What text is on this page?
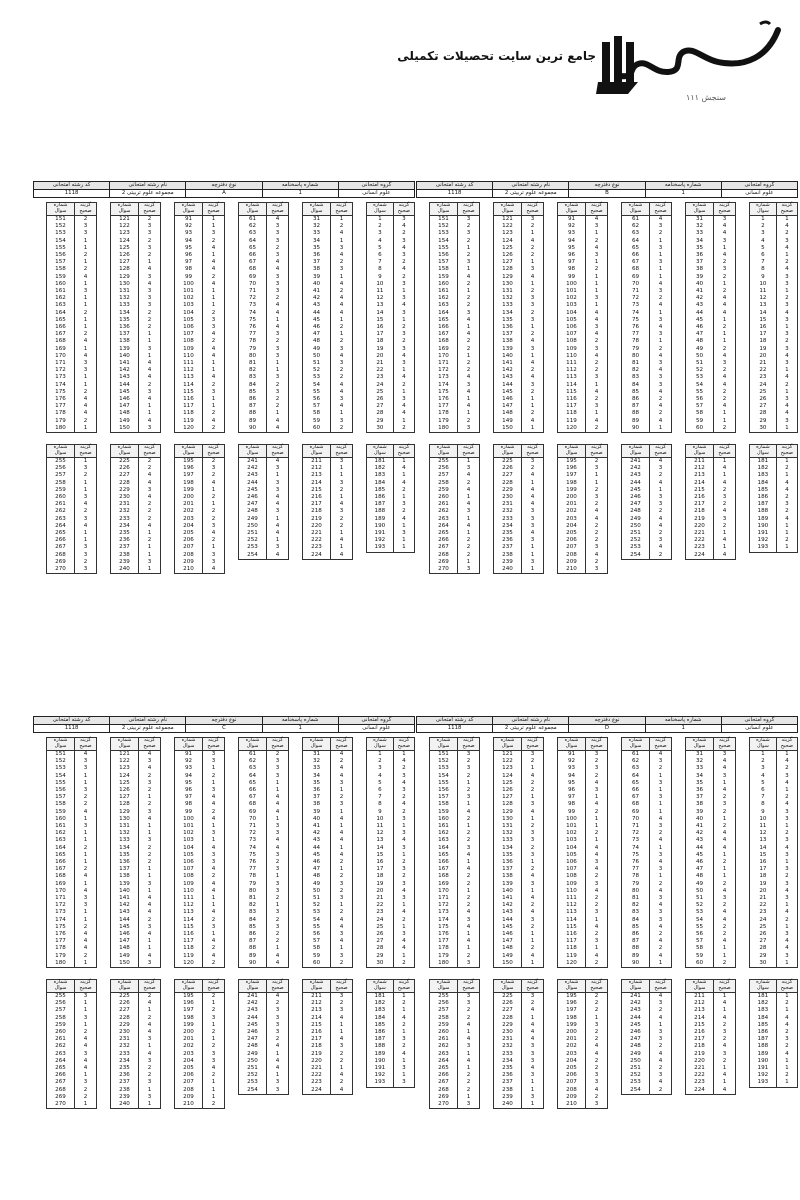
جامع ترین سایت تحصیلات تکمیلی
سنجش ۱۱۱
کد رشته امتحانی	نام رشته امتحانی	نوع دفترچه	شماره پاسخنامه	گروه امتحانی
1118	مجموعه علوم تربیتی 2	A	1	علوم انسانی
شماره سوال	گزینه صحیح
1	3
2	4
3	2
4	3
5	4
6	3
7	2
8	4
9	2
10	3
11	1
12	3
13	4
14	3
15	1
16	2
17	3
18	2
19	3
20	4
21	3
22	1
23	4
24	2
25	1
26	3
27	4
28	4
29	1
30	2
شماره سوال	گزینه صحیح
31	1
32	2
33	4
34	1
35	3
36	4
37	2
38	3
39	1
40	4
41	2
42	4
43	4
44	4
45	1
46	2
47	1
48	2
49	3
50	4
51	3
52	2
53	2
54	4
55	4
56	3
57	4
58	1
59	3
60	2
شماره سوال	گزینه صحیح
61	4
62	3
63	3
64	3
65	2
66	3
67	4
68	4
69	3
70	3
71	3
72	2
73	4
74	4
75	1
76	4
77	3
78	2
79	3
80	3
81	1
82	1
83	3
84	2
85	3
86	2
87	2
88	1
89	4
90	4
شماره سوال	گزینه صحیح
91	1
92	1
93	3
94	2
95	4
96	1
97	4
98	4
99	2
100	4
101	1
102	1
103	1
104	2
105	3
106	3
107	4
108	2
109	4
110	4
111	1
112	1
113	4
114	2
115	3
116	1
117	1
118	2
119	4
120	2
شماره سوال	گزینه صحیح
121	2
122	3
123	3
124	2
125	3
126	2
127	1
128	4
129	3
130	4
131	3
132	3
133	3
134	2
135	2
136	2
137	1
138	1
139	3
140	1
141	4
142	4
143	4
144	2
145	3
146	4
147	1
148	1
149	4
150	3
شماره سوال	گزینه صحیح
151	2
152	3
153	3
154	1
155	1
156	2
157	1
158	2
159	4
160	1
161	3
162	1
163	1
164	2
165	1
166	1
167	2
168	4
169	1
170	4
171	3
172	3
173	1
174	1
175	2
176	4
177	4
178	4
179	2
180	1
شماره سوال	گزینه صحیح
181	1
182	4
183	1
184	4
185	2
186	1
187	3
188	2
189	4
190	1
191	3
192	1
193	1
شماره سوال	گزینه صحیح
211	3
212	1
213	1
214	3
215	2
216	1
217	4
218	3
219	2
220	2
221	1
222	4
223	1
224	4
شماره سوال	گزینه صحیح
241	4
242	3
243	1
244	3
245	3
246	4
247	4
248	3
249	1
250	4
251	4
252	1
253	3
254	4
شماره سوال	گزینه صحیح
195	2
196	3
197	2
198	4
199	1
200	2
201	1
202	2
203	2
204	3
205	4
206	2
207	1
208	3
209	3
210	4
شماره سوال	گزینه صحیح
225	2
226	2
227	4
228	4
229	3
230	4
231	2
232	2
233	2
234	4
235	1
236	2
237	1
238	1
239	3
240	1
شماره سوال	گزینه صحیح
255	1
256	3
257	2
258	1
259	1
260	3
261	4
262	2
263	3
264	4
265	1
266	1
267	3
268	3
269	2
270	3
کد رشته امتحانی	نام رشته امتحانی	نوع دفترچه	شماره پاسخنامه	گروه امتحانی
1118	مجموعه علوم تربیتی 2	B	1	علوم انسانی
شماره سوال	گزینه صحیح
1	1
2	4
3	2
4	3
5	4
6	1
7	2
8	4
9	3
10	3
11	1
12	2
13	3
14	4
15	3
16	1
17	3
18	2
19	3
20	4
21	3
22	1
23	4
24	2
25	1
26	3
27	4
28	4
29	3
30	1
شماره سوال	گزینه صحیح
31	3
32	4
33	4
34	3
35	1
36	4
37	2
38	3
39	2
40	1
41	2
42	4
43	4
44	4
45	1
46	2
47	1
48	1
49	2
50	4
51	3
52	2
53	4
54	4
55	2
56	2
57	4
58	1
59	1
60	2
شماره سوال	گزینه صحیح
61	4
62	3
63	2
64	1
65	3
66	1
67	3
68	1
69	1
70	4
71	3
72	2
73	4
74	1
75	3
76	4
77	3
78	1
79	2
80	4
81	3
82	4
83	3
84	3
85	4
86	2
87	4
88	2
89	4
90	1
شماره سوال	گزینه صحیح
91	4
92	3
93	1
94	2
95	4
96	3
97	1
98	2
99	1
100	1
101	1
102	3
103	1
104	4
105	4
106	3
107	4
108	2
109	3
110	4
111	2
112	2
113	3
114	1
115	4
116	2
117	3
118	1
119	4
120	2
شماره سوال	گزینه صحیح
121	3
122	2
123	1
124	4
125	2
126	2
127	1
128	3
129	4
130	1
131	2
132	3
133	3
134	2
135	3
136	1
137	2
138	4
139	3
140	1
141	4
142	2
143	4
144	3
145	2
146	1
147	1
148	2
149	4
150	1
شماره سوال	گزینه صحیح
151	3
152	2
153	3
154	2
155	1
156	2
157	3
158	1
159	4
160	2
161	1
162	2
163	2
164	3
165	4
166	1
167	4
168	2
169	2
170	1
171	2
172	2
173	4
174	3
175	4
176	1
177	4
178	1
179	2
180	3
شماره سوال	گزینه صحیح
181	1
182	2
183	1
184	4
185	4
186	2
187	3
188	2
189	4
190	1
191	1
192	2
193	1
شماره سوال	گزینه صحیح
211	1
212	4
213	1
214	4
215	2
216	3
217	2
218	4
219	3
220	2
221	1
222	4
223	1
224	4
شماره سوال	گزینه صحیح
241	4
242	3
243	2
244	4
245	1
246	3
247	3
248	2
249	4
250	4
251	2
252	3
253	4
254	2
شماره سوال	گزینه صحیح
195	2
196	3
197	1
198	1
199	2
200	3
201	2
202	4
203	4
204	2
205	2
206	2
207	3
208	4
209	2
210	3
شماره سوال	گزینه صحیح
225	3
226	2
227	4
228	1
229	4
230	4
231	4
232	3
233	3
234	3
235	4
236	3
237	1
238	1
239	3
240	1
شماره سوال	گزینه صحیح
255	1
256	3
257	4
258	2
259	4
260	1
261	4
262	3
263	1
264	4
265	1
266	2
267	2
268	2
269	1
270	3
کد رشته امتحانی	نام رشته امتحانی	نوع دفترچه	شماره پاسخنامه	گروه امتحانی
1118	مجموعه علوم تربیتی 2	C	1	علوم انسانی
شماره سوال	گزینه صحیح
1	1
2	4
3	2
4	3
5	4
6	3
7	2
8	4
9	2
10	3
11	1
12	3
13	4
14	3
15	1
16	2
17	3
18	2
19	3
20	4
21	3
22	1
23	4
24	2
25	1
26	3
27	4
28	4
29	1
30	2
شماره سوال	گزینه صحیح
31	4
32	2
33	4
34	4
35	3
36	1
37	2
38	3
39	1
40	4
41	1
42	4
43	4
44	1
45	4
46	2
47	1
48	2
49	3
50	2
51	3
52	1
53	2
54	4
55	4
56	3
57	4
58	1
59	3
60	2
شماره سوال	گزینه صحیح
61	2
62	3
63	3
64	3
65	1
66	1
67	4
68	4
69	4
70	1
71	3
72	3
73	4
74	4
75	3
76	2
77	3
78	1
79	3
80	3
81	2
82	1
83	3
84	2
85	3
86	2
87	2
88	1
89	4
90	4
شماره سوال	گزینه صحیح
91	3
92	3
93	1
94	2
95	1
96	3
97	4
98	4
99	2
100	4
101	1
102	3
103	1
104	4
105	3
106	3
107	4
108	2
109	4
110	4
111	1
112	1
113	4
114	2
115	3
116	1
117	4
118	2
119	4
120	2
شماره سوال	گزینه صحیح
121	4
122	3
123	4
124	2
125	3
126	2
127	1
128	2
129	3
130	4
131	1
132	1
133	3
134	2
135	2
136	2
137	1
138	1
139	3
140	1
141	4
142	4
143	4
144	2
145	3
146	4
147	1
148	1
149	4
150	3
شماره سوال	گزینه صحیح
151	4
152	3
153	3
154	1
155	1
156	3
157	2
158	2
159	4
160	1
161	3
162	1
163	1
164	2
165	1
166	1
167	2
168	4
169	1
170	4
171	3
172	3
173	1
174	1
175	2
176	4
177	4
178	4
179	2
180	1
شماره سوال	گزینه صحیح
181	1
182	2
183	1
184	4
185	2
186	1
187	3
188	2
189	4
190	1
191	3
192	1
193	3
شماره سوال	گزینه صحیح
211	3
212	2
213	3
214	4
215	1
216	1
217	4
218	3
219	2
220	2
221	1
222	4
223	2
224	4
شماره سوال	گزینه صحیح
241	4
242	2
243	3
244	3
245	3
246	3
247	2
248	4
249	1
250	4
251	4
252	1
253	3
254	3
شماره سوال	گزینه صحیح
195	2
196	1
197	2
198	3
199	1
200	2
201	1
202	2
203	3
204	3
205	4
206	2
207	1
208	1
209	1
210	2
شماره سوال	گزینه صحیح
225	2
226	4
227	1
228	2
229	4
230	4
231	3
232	1
233	4
234	3
235	2
236	2
237	3
238	1
239	3
240	1
شماره سوال	گزینه صحیح
255	3
256	1
257	1
258	3
259	1
260	2
261	4
262	4
263	3
264	4
265	4
266	1
267	3
268	2
269	2
270	1
کد رشته امتحانی	نام رشته امتحانی	نوع دفترچه	شماره پاسخنامه	گروه امتحانی
1118	مجموعه علوم تربیتی 2	D	1	علوم انسانی
شماره سوال	گزینه صحیح
1	1
2	4
3	2
4	3
5	4
6	1
7	2
8	4
9	3
10	3
11	1
12	2
13	3
14	4
15	3
16	1
17	3
18	2
19	3
20	4
21	3
22	1
23	4
24	2
25	1
26	3
27	4
28	4
29	3
30	1
شماره سوال	گزینه صحیح
31	3
32	4
33	4
34	3
35	1
36	4
37	2
38	3
39	2
40	1
41	2
42	4
43	4
44	4
45	1
46	2
47	1
48	1
49	2
50	4
51	3
52	2
53	4
54	4
55	2
56	2
57	4
58	1
59	1
60	2
شماره سوال	گزینه صحیح
61	4
62	3
63	2
64	1
65	3
66	1
67	3
68	1
69	1
70	4
71	3
72	2
73	4
74	1
75	3
76	4
77	3
78	1
79	2
80	4
81	3
82	4
83	3
84	3
85	4
86	2
87	4
88	2
89	4
90	1
شماره سوال	گزینه صحیح
91	3
92	2
93	3
94	2
95	4
96	3
97	1
98	4
99	2
100	1
101	1
102	2
103	1
104	4
105	4
106	3
107	4
108	2
109	3
110	4
111	2
112	2
113	3
114	1
115	4
116	2
117	3
118	1
119	4
120	2
شماره سوال	گزینه صحیح
121	3
122	2
123	1
124	4
125	2
126	2
127	1
128	3
129	4
130	1
131	2
132	3
133	3
134	2
135	3
136	1
137	2
138	4
139	3
140	1
141	4
142	2
143	4
144	3
145	2
146	1
147	1
148	2
149	4
150	1
شماره سوال	گزینه صحیح
151	3
152	2
153	3
154	2
155	1
156	2
157	3
158	1
159	4
160	2
161	1
162	2
163	2
164	3
165	4
166	1
167	4
168	2
169	2
170	1
171	2
172	2
173	4
174	3
175	4
176	1
177	4
178	1
179	2
180	3
شماره سوال	گزینه صحیح
181	1
182	2
183	1
184	4
185	4
186	2
187	3
188	2
189	4
190	1
191	1
192	2
193	1
شماره سوال	گزینه صحیح
211	1
212	4
213	1
214	4
215	2
216	3
217	2
218	4
219	3
220	2
221	1
222	4
223	1
224	4
شماره سوال	گزینه صحیح
241	4
242	3
243	2
244	4
245	1
246	3
247	3
248	2
249	4
250	4
251	2
252	3
253	4
254	2
شماره سوال	گزینه صحیح
195	2
196	2
197	2
198	1
199	3
200	2
201	2
202	4
203	4
204	2
205	2
206	3
207	3
208	4
209	2
210	3
شماره سوال	گزینه صحیح
225	3
226	2
227	4
228	1
229	4
230	4
231	4
232	3
233	3
234	3
235	4
236	3
237	1
238	1
239	3
240	1
شماره سوال	گزینه صحیح
255	3
256	3
257	2
258	2
259	4
260	1
261	4
262	3
263	1
264	4
265	1
266	2
267	2
268	2
269	1
270	3
